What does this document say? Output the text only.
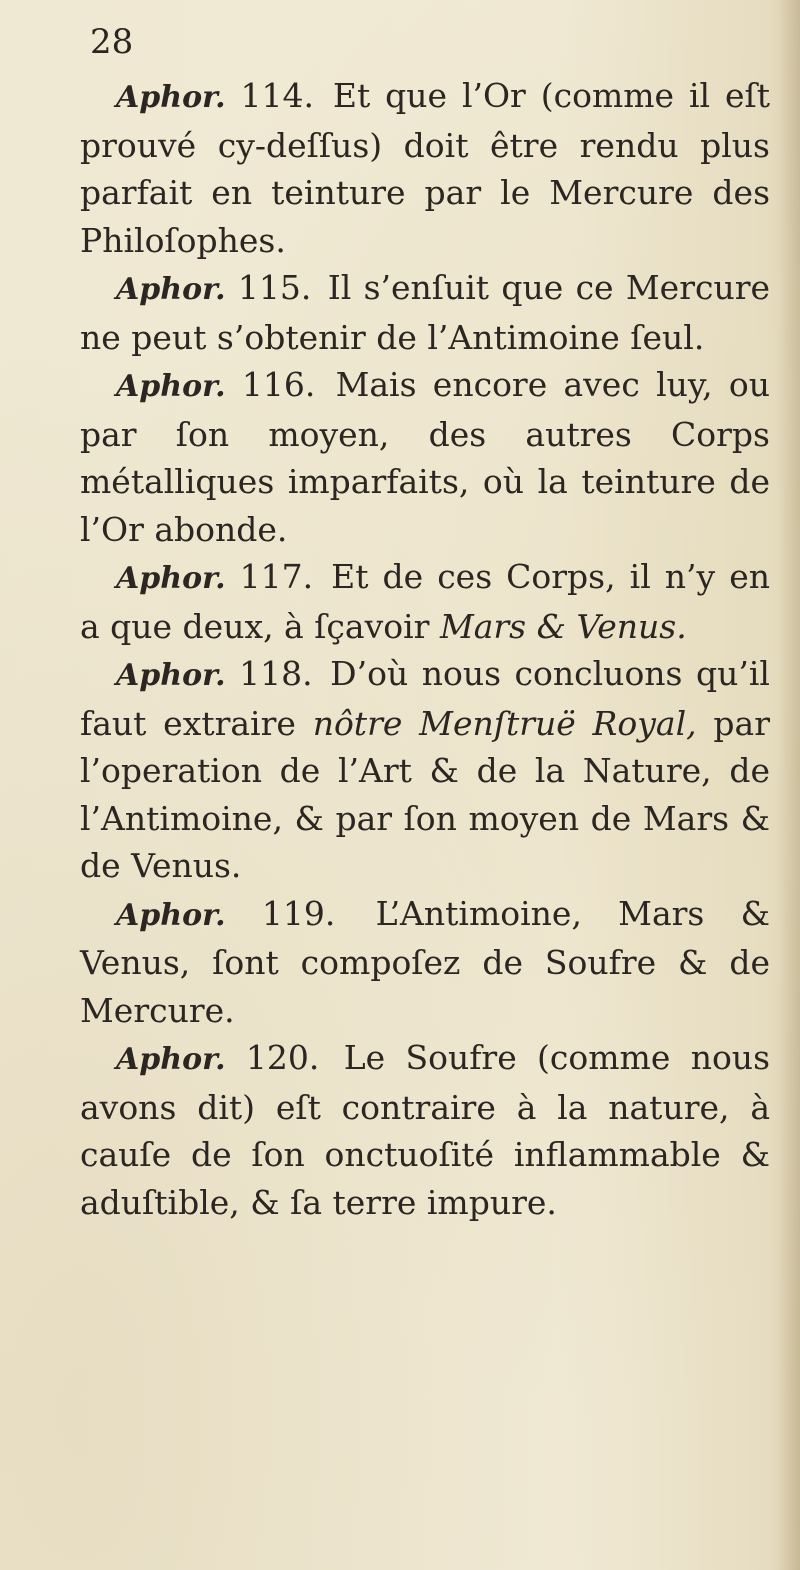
28

Aphor. 114. Et que l’Or (comme il eſt prouvé cy-deſſus) doit être rendu plus parfait en teinture par le Mercure des Philoſophes.

Aphor. 115. Il s’enſuit que ce Mercure ne peut s’obtenir de l’Antimoine ſeul.

Aphor. 116. Mais encore avec luy, ou par ſon moyen, des autres Corps métalliques imparfaits, où la teinture de l’Or abonde.

Aphor. 117. Et de ces Corps, il n’y en a que deux, à ſçavoir Mars & Venus.

Aphor. 118. D’où nous concluons qu’il faut extraire nôtre Menſtruë Royal, par l’operation de l’Art & de la Nature, de l’Antimoine, & par ſon moyen de Mars & de Venus.

Aphor. 119. L’Antimoine, Mars & Venus, ſont compoſez de Soufre & de Mercure.

Aphor. 120. Le Soufre (comme nous avons dit) eſt contraire à la nature, à cauſe de ſon onctuoſité inflammable & aduſtible, & ſa terre impure.
